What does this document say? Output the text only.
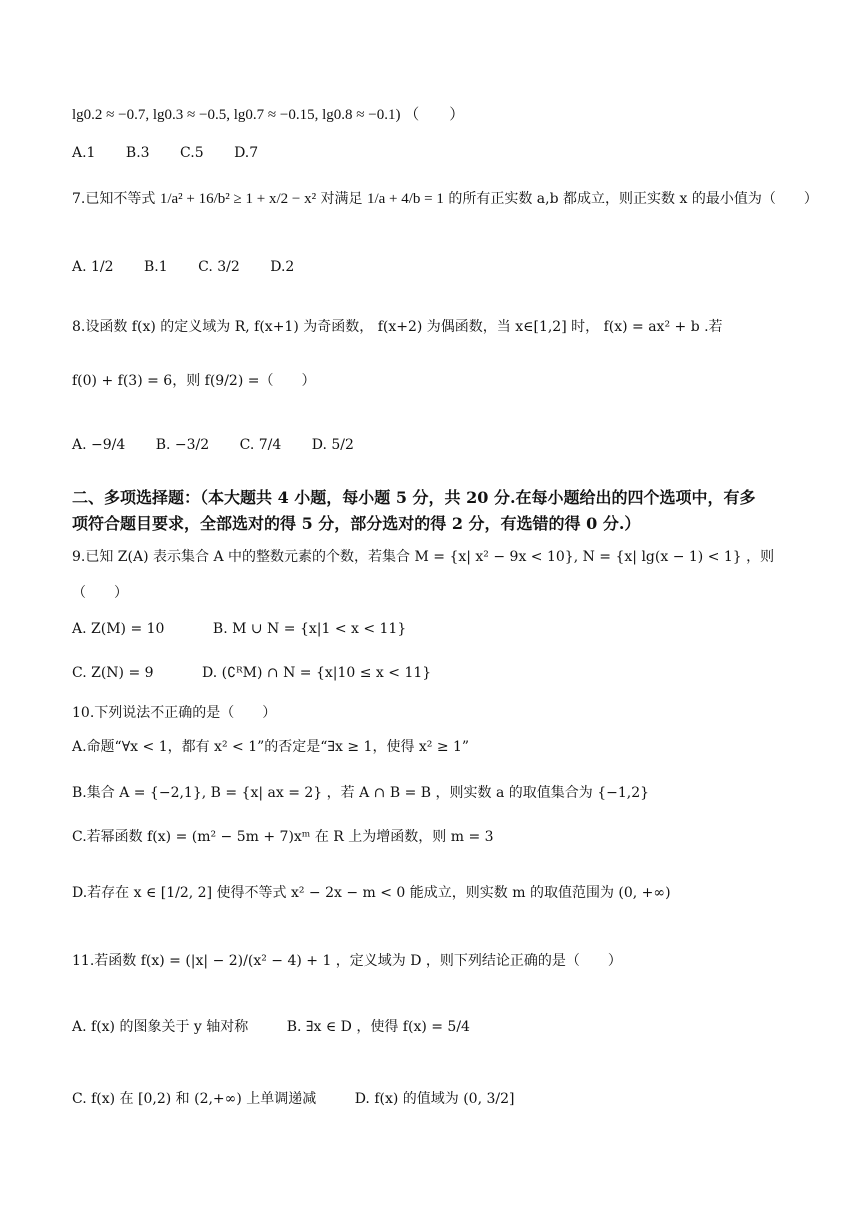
lg0.2 ≈ −0.7, lg0.3 ≈ −0.5, lg0.7 ≈ −0.15, lg0.8 ≈ −0.1) （　　）
A.1 B.3 C.5 D.7
7.已知不等式 1/a² + 16/b² ≥ 1 + x/2 − x² 对满足 1/a + 4/b = 1 的所有正实数 a,b 都成立，则正实数 x 的最小值为（　　）
A. 1/2 B.1 C. 3/2 D.2
8.设函数 f(x) 的定义域为 R, f(x+1) 为奇函数， f(x+2) 为偶函数，当 x∈[1,2] 时， f(x) = ax² + b .若
f(0) + f(3) = 6，则 f(9/2) =（　　）
A. −9/4 B. −3/2 C. 7/4 D. 5/2
二、多项选择题：（本大题共 4 小题，每小题 5 分，共 20 分.在每小题给出的四个选项中，有多
项符合题目要求，全部选对的得 5 分，部分选对的得 2 分，有选错的得 0 分.）
9.已知 Z(A) 表示集合 A 中的整数元素的个数，若集合 M = {x| x² − 9x < 10}, N = {x| lg(x − 1) < 1} ，则
（　　）
A. Z(M) = 10	B. M ∪ N = {x|1 < x < 11}
C. Z(N) = 9	D. (∁ᴿM) ∩ N = {x|10 ≤ x < 11}
10.下列说法不正确的是（　　）
A.命题“∀x < 1，都有 x² < 1”的否定是“∃x ≥ 1，使得 x² ≥ 1”
B.集合 A = {−2,1}, B = {x| ax = 2} ，若 A ∩ B = B ，则实数 a 的取值集合为 {−1,2}
C.若幂函数 f(x) = (m² − 5m + 7)xᵐ 在 R 上为增函数，则 m = 3
D.若存在 x ∈ [1/2, 2] 使得不等式 x² − 2x − m < 0 能成立，则实数 m 的取值范围为 (0, +∞)
11.若函数 f(x) = (|x| − 2)/(x² − 4) + 1 ，定义域为 D ，则下列结论正确的是（　　）
A. f(x) 的图象关于 y 轴对称	B. ∃x ∈ D ，使得 f(x) = 5/4
C. f(x) 在 [0,2) 和 (2,+∞) 上单调递减	D. f(x) 的值域为 (0, 3/2]
